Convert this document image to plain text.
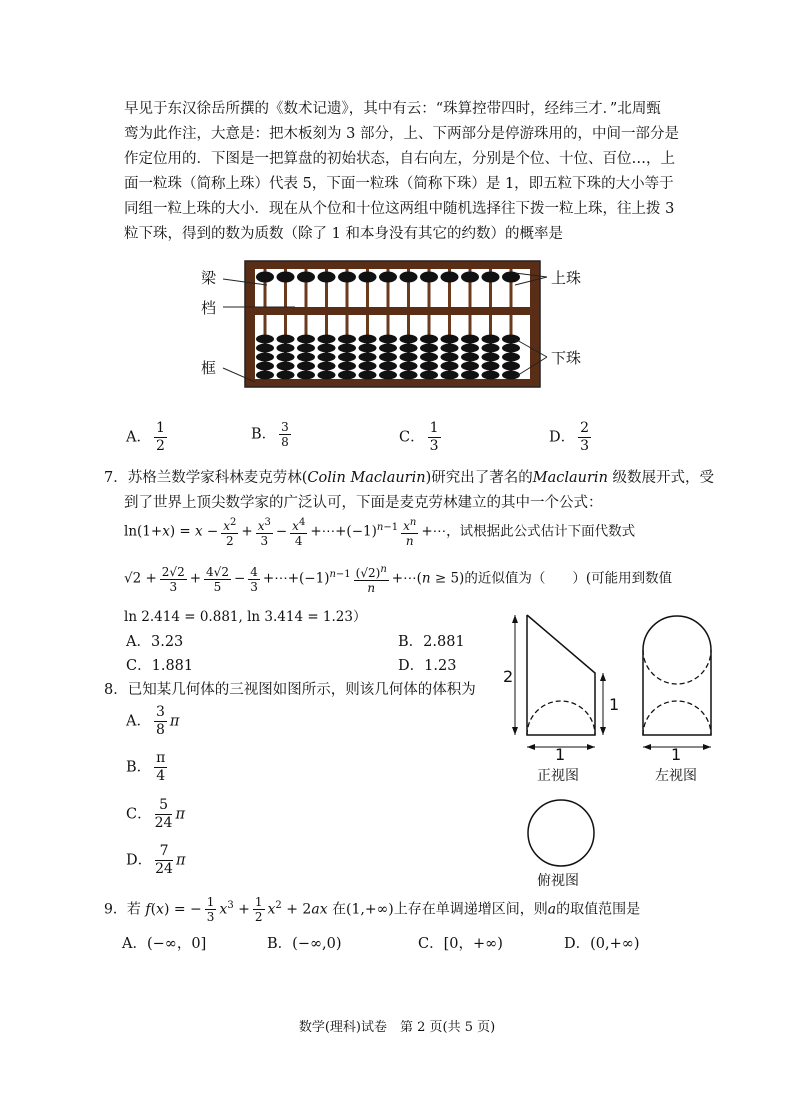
早见于东汉徐岳所撰的《数术记遗》，其中有云：“珠算控带四时，经纬三才．”北周甄
鸾为此作注，大意是：把木板刻为 3 部分，上、下两部分是停游珠用的，中间一部分是
作定位用的．下图是一把算盘的初始状态，自右向左，分别是个位、十位、百位…，上
面一粒珠（简称上珠）代表 5，下面一粒珠（简称下珠）是 1，即五粒下珠的大小等于
同组一粒上珠的大小．现在从个位和十位这两组中随机选择往下拨一粒上珠，往上拨 3
粒下珠，得到的数为质数（除了 1 和本身没有其它的约数）的概率是
梁
档
框
上珠
下珠
A． $\frac{1}{2}$	B． $\frac{3}{8}$	C． $\frac{1}{3}$	D． $\frac{2}{3}$
7．苏格兰数学家科林麦克劳林(Colin Maclaurin)研究出了著名的Maclaurin 级数展开式，受
到了世界上顶尖数学家的广泛认可，下面是麦克劳林建立的其中一个公式：
$\ln(1+x) = x - \frac{x^2}{2} + \frac{x^3}{3} - \frac{x^4}{4}$ $+\cdots+(-1)^{n-1} \frac{x^n}{n}$ +⋯，试根据此公式估计下面代数式
$√2 + \frac{2√2}{3} + \frac{4√2}{5} - \frac{4}{3}$ $+\cdots+(-1)^{n-1} \frac{(√2)^n}{n}$ +⋯(n ≥ 5)的近似值为（　　）(可能用到数值
ln 2.414 = 0.881, ln 3.414 = 1.23）
A．3.23	B．2.881
C．1.881	D．1.23
8．已知某几何体的三视图如图所示，则该几何体的体积为
A． $\frac{3}{8}$ π
B． $\frac{\pi}{4}$
C． $\frac{5}{24}$ π
D． $\frac{7}{24}$ π
2
1
1	1
正视图	左视图
俯视图
9．若 f(x) = − $\frac{1}{3} x^3 + \frac{1}{2} x^2 + 2ax$ 在(1,+∞)上存在单调递增区间，则a的取值范围是
A．(−∞，0]	B．(−∞,0)	C．[0，+∞)	D．(0,+∞)
数学(理科)试卷　第 2 页(共 5 页)
